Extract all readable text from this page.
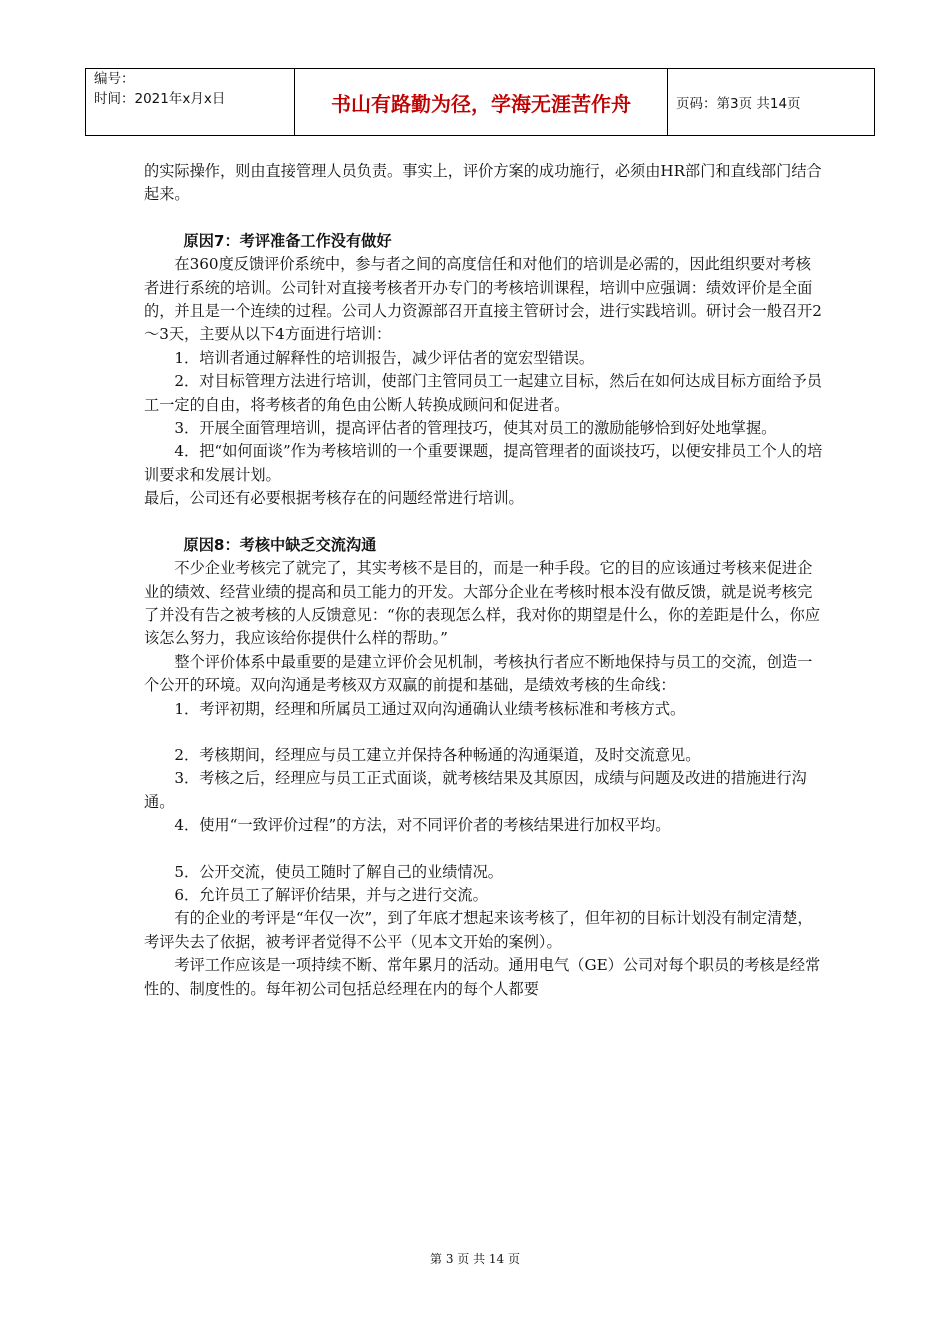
编号：
时间：2021年x月x日	书山有路勤为径，学海无涯苦作舟	页码：第3页 共14页

的实际操作，则由直接管理人员负责。事实上，评价方案的成功施行，必须由HR部门和直线部门结合起来。

原因7：考评准备工作没有做好

在360度反馈评价系统中，参与者之间的高度信任和对他们的培训是必需的，因此组织要对考核者进行系统的培训。公司针对直接考核者开办专门的考核培训课程，培训中应强调：绩效评价是全面的，并且是一个连续的过程。公司人力资源部召开直接主管研讨会，进行实践培训。研讨会一般召开2～3天，主要从以下4方面进行培训：

1．培训者通过解释性的培训报告，减少评估者的宽宏型错误。

2．对目标管理方法进行培训，使部门主管同员工一起建立目标，然后在如何达成目标方面给予员工一定的自由，将考核者的角色由公断人转换成顾问和促进者。

3．开展全面管理培训，提高评估者的管理技巧，使其对员工的激励能够恰到好处地掌握。

4．把“如何面谈”作为考核培训的一个重要课题，提高管理者的面谈技巧，以便安排员工个人的培训要求和发展计划。

最后，公司还有必要根据考核存在的问题经常进行培训。

原因8：考核中缺乏交流沟通

不少企业考核完了就完了，其实考核不是目的，而是一种手段。它的目的应该通过考核来促进企业的绩效、经营业绩的提高和员工能力的开发。大部分企业在考核时根本没有做反馈，就是说考核完了并没有告之被考核的人反馈意见：“你的表现怎么样，我对你的期望是什么，你的差距是什么，你应该怎么努力，我应该给你提供什么样的帮助。”

整个评价体系中最重要的是建立评价会见机制，考核执行者应不断地保持与员工的交流，创造一个公开的环境。双向沟通是考核双方双赢的前提和基础，是绩效考核的生命线：

1．考评初期，经理和所属员工通过双向沟通确认业绩考核标准和考核方式。

2．考核期间，经理应与员工建立并保持各种畅通的沟通渠道，及时交流意见。

3．考核之后，经理应与员工正式面谈，就考核结果及其原因，成绩与问题及改进的措施进行沟通。

4．使用“一致评价过程”的方法，对不同评价者的考核结果进行加权平均。

5．公开交流，使员工随时了解自己的业绩情况。

6．允许员工了解评价结果，并与之进行交流。

有的企业的考评是“年仅一次”，到了年底才想起来该考核了，但年初的目标计划没有制定清楚，考评失去了依据，被考评者觉得不公平（见本文开始的案例）。

考评工作应该是一项持续不断、常年累月的活动。通用电气（GE）公司对每个职员的考核是经常性的、制度性的。每年初公司包括总经理在内的每个人都要

第 3 页 共 14 页
